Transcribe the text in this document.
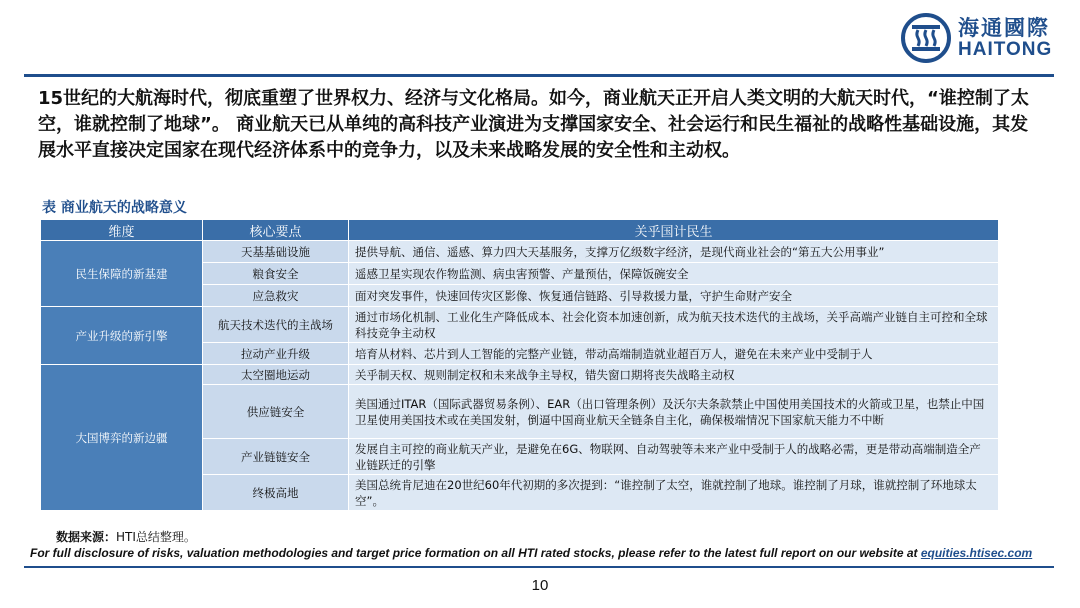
海通國際
HAITONG

15世纪的大航海时代，彻底重塑了世界权力、经济与文化格局。如今，商业航天正开启人类文明的大航天时代，“谁控制了太空，谁就控制了地球”。 商业航天已从单纯的高科技产业演进为支撑国家安全、社会运行和民生福祉的战略性基础设施，其发展水平直接决定国家在现代经济体系中的竞争力，以及未来战略发展的安全性和主动权。

表 商业航天的战略意义

维度	核心要点	关乎国计民生
民生保障的新基建	天基基础设施	提供导航、通信、遥感、算力四大天基服务，支撑万亿级数字经济，是现代商业社会的“第五大公用事业”
	粮食安全	遥感卫星实现农作物监测、病虫害预警、产量预估，保障饭碗安全
	应急救灾	面对突发事件，快速回传灾区影像、恢复通信链路、引导救援力量，守护生命财产安全
产业升级的新引擎	航天技术迭代的主战场	通过市场化机制、工业化生产降低成本、社会化资本加速创新，成为航天技术迭代的主战场，关乎高端产业链自主可控和全球科技竞争主动权
	拉动产业升级	培育从材料、芯片到人工智能的完整产业链，带动高端制造就业超百万人，避免在未来产业中受制于人
大国博弈的新边疆	太空圈地运动	关乎制天权、规则制定权和未来战争主导权，错失窗口期将丧失战略主动权
	供应链安全	美国通过ITAR（国际武器贸易条例）、EAR（出口管理条例）及沃尔夫条款禁止中国使用美国技术的火箭或卫星，也禁止中国卫星使用美国技术或在美国发射，倒逼中国商业航天全链条自主化，确保极端情况下国家航天能力不中断
	产业链链安全	发展自主可控的商业航天产业，是避免在6G、物联网、自动驾驶等未来产业中受制于人的战略必需，更是带动高端制造全产业链跃迁的引擎
	终极高地	美国总统肯尼迪在20世纪60年代初期的多次提到：“谁控制了太空，谁就控制了地球。谁控制了月球，谁就控制了环地球太空”。

数据来源：HTI总结整理。

For full disclosure of risks, valuation methodologies and target price formation on all HTI rated stocks, please refer to the latest full report on our website at equities.htisec.com

10
